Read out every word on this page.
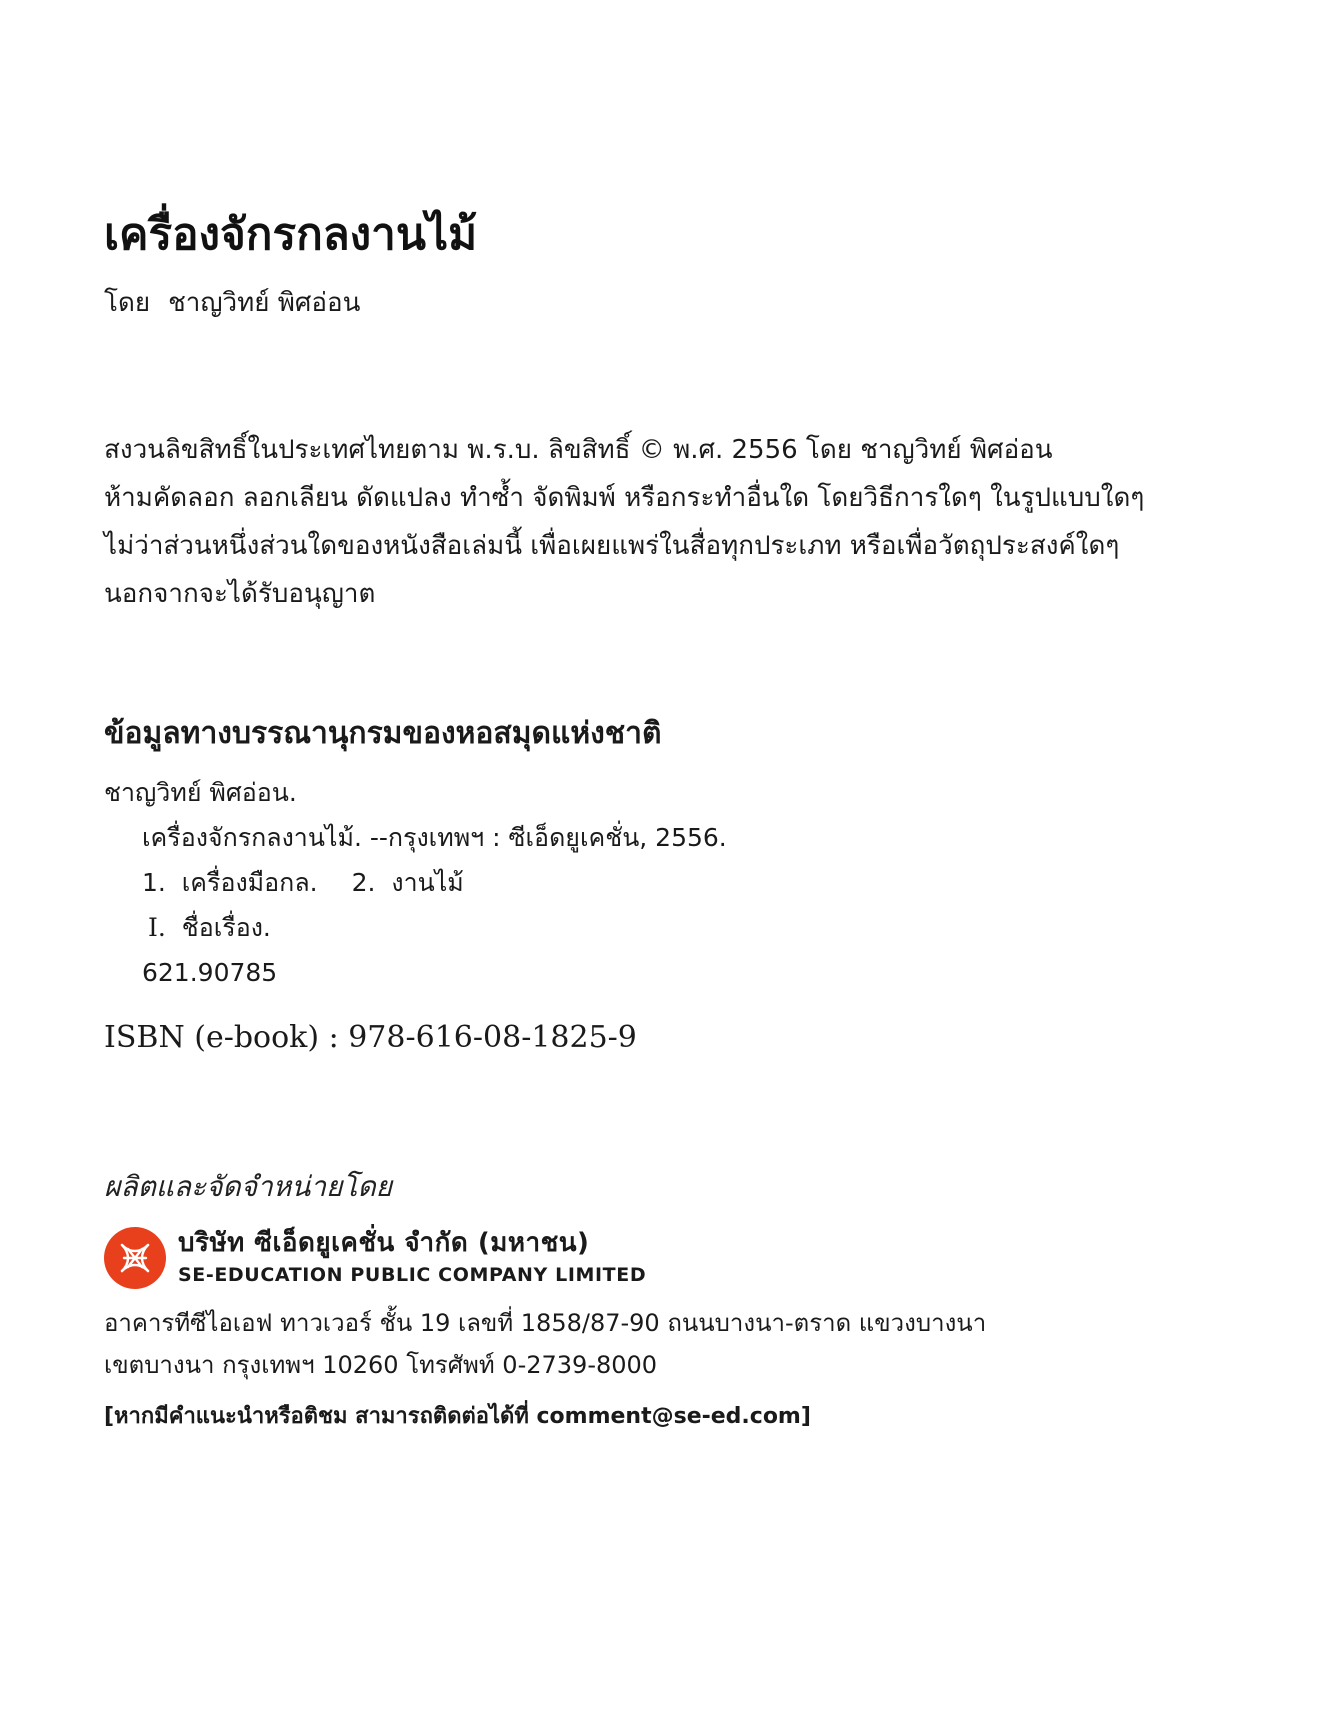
เครื่องจักรกลงานไม้
โดย ชาญวิทย์ พิศอ่อน
สงวนลิขสิทธิ์ในประเทศไทยตาม พ.ร.บ. ลิขสิทธิ์ © พ.ศ. 2556 โดย ชาญวิทย์ พิศอ่อน
ห้ามคัดลอก ลอกเลียน ดัดแปลง ทำซ้ำ จัดพิมพ์ หรือกระทำอื่นใด โดยวิธีการใดๆ ในรูปแบบใดๆ
ไม่ว่าส่วนหนึ่งส่วนใดของหนังสือเล่มนี้ เพื่อเผยแพร่ในสื่อทุกประเภท หรือเพื่อวัตถุประสงค์ใดๆ
นอกจากจะได้รับอนุญาต
ข้อมูลทางบรรณานุกรมของหอสมุดแห่งชาติ
ชาญวิทย์ พิศอ่อน.
เครื่องจักรกลงานไม้. --กรุงเทพฯ : ซีเอ็ดยูเคชั่น, 2556.
1. เครื่องมือกล. 2. งานไม้
I. ชื่อเรื่อง.
621.90785
ISBN (e-book) : 978-616-08-1825-9
ผลิตและจัดจำหน่ายโดย
บริษัท ซีเอ็ดยูเคชั่น จำกัด (มหาชน)
SE-EDUCATION PUBLIC COMPANY LIMITED
อาคารทีซีไอเอฟ ทาวเวอร์ ชั้น 19 เลขที่ 1858/87-90 ถนนบางนา-ตราด แขวงบางนา
เขตบางนา กรุงเทพฯ 10260 โทรศัพท์ 0-2739-8000
[หากมีคำแนะนำหรือติชม สามารถติดต่อได้ที่ comment@se-ed.com]
